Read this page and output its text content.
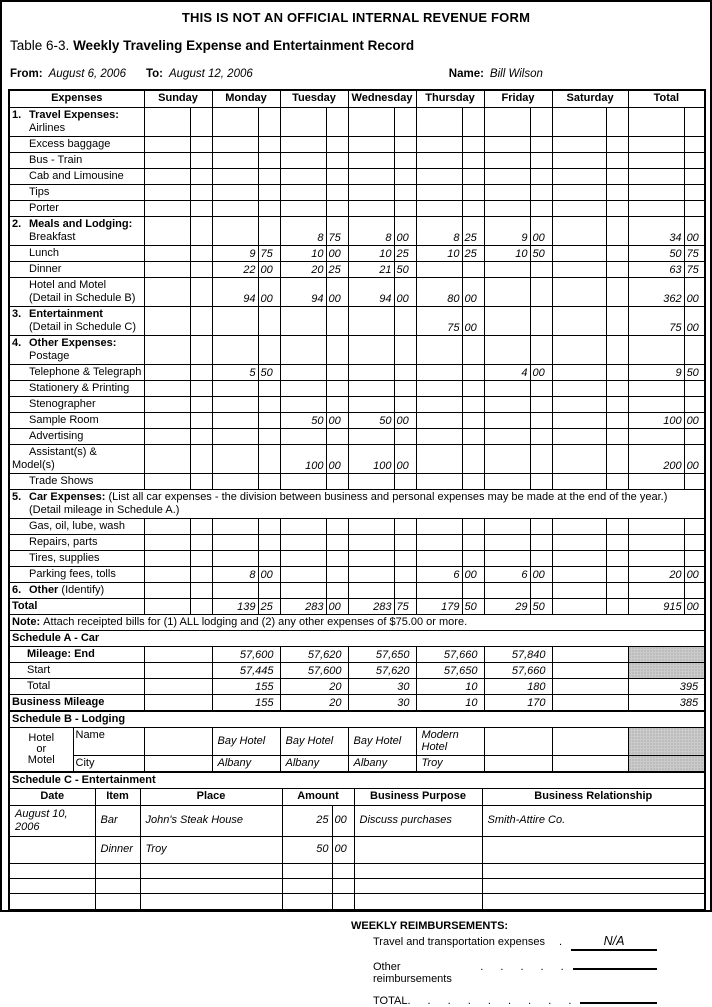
THIS IS NOT AN OFFICIAL INTERNAL REVENUE FORM
Table 6-3. Weekly Traveling Expense and Entertainment Record
From: August 6, 2006 To: August 12, 2006	Name: Bill Wilson
Expenses	Sunday		Monday		Tuesday		Wednesday		Thursday		Friday		Saturday		Total	

1. Travel Expenses:
Airlines																

Excess baggage																

Bus - Train																

Cab and Limousine																

Tips																

Porter																

2. Meals and Lodging:
Breakfast					8	75	8	00	8	25	9	00			34	00

Lunch			9	75	10	00	10	25	10	25	10	50			50	75

Dinner			22	00	20	25	21	50							63	75

Hotel and Motel
(Detail in Schedule B)			94	00	94	00	94	00	80	00					362	00

3. Entertainment
(Detail in Schedule C)									75	00					75	00

4. Other Expenses:
Postage																

Telephone & Telegraph			5	50							4	00			9	50

Stationery & Printing																

Stenographer																

Sample Room					50	00	50	00							100	00

Advertising																

Assistant(s) & Model(s)					100	00	100	00							200	00

Trade Shows																

5. Car Expenses: (List all car expenses - the division between business and personal expenses may be made at the end of the year.)
(Detail mileage in Schedule A.)																

Gas, oil, lube, wash																

Repairs, parts																

Tires, supplies																

Parking fees, tolls			8	00					6	00	6	00			20	00

6. Other (Identify)																

Total			139	25	283	00	283	75	179	50	29	50			915	00
Note: Attach receipted bills for (1) ALL lodging and (2) any other expenses of $75.00 or more.																
Schedule A - Car																
Mileage: End			57,600		57,620		57,650		57,660		57,840					
Start			57,445		57,600		57,620		57,650		57,660					
Total			155		20		30		10		180				395	
Business Mileage			155		20		30		10		170				385	
Schedule B - Lodging									

Hotel
or
Motel	Name		Bay Hotel	Bay Hotel	Bay Hotel	Modern Hotel			
	City		Albany	Albany	Albany	Troy			
Schedule C - Entertainment						
Date	Item	Place	Amount		Business Purpose	Business Relationship
August 10, 2006	Bar	John's Steak House	25	00	Discuss purchases	Smith-Attire Co.
	Dinner	Troy	50	00		

WEEKLY REIMBURSEMENTS:
Travel and transportation expenses	.	N/A
Other reimbursements
. . . . .
TOTAL . . . . . . . . .
